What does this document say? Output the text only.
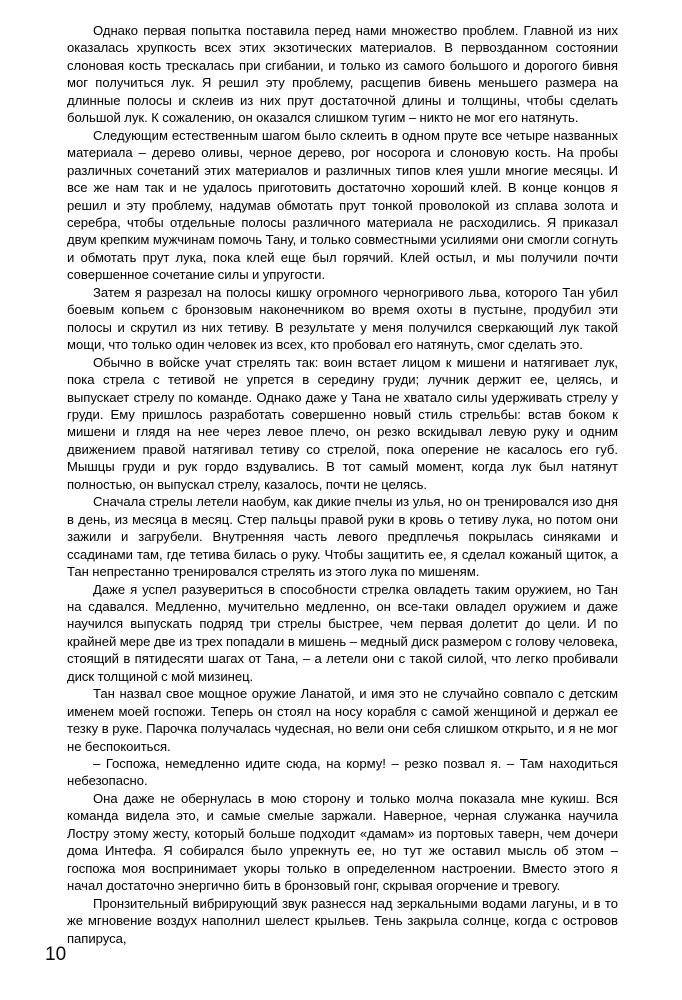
Однако первая попытка поставила перед нами множество проблем. Главной из них оказалась хрупкость всех этих экзотических материалов. В первозданном состоянии слоновая кость трескалась при сгибании, и только из самого большого и дорогого бивня мог получиться лук. Я решил эту проблему, расщепив бивень меньшего размера на длинные полосы и склеив из них прут достаточной длины и толщины, чтобы сделать большой лук. К сожалению, он оказался слишком тугим – никто не мог его натянуть.

Следующим естественным шагом было склеить в одном пруте все четыре названных материала – дерево оливы, черное дерево, рог носорога и слоновую кость. На пробы различных сочетаний этих материалов и различных типов клея ушли многие месяцы. И все же нам так и не удалось приготовить достаточно хороший клей. В конце концов я решил и эту проблему, надумав обмотать прут тонкой проволокой из сплава золота и серебра, чтобы отдельные полосы различного материала не расходились. Я приказал двум крепким мужчинам помочь Тану, и только совместными усилиями они смогли согнуть и обмотать прут лука, пока клей еще был горячий. Клей остыл, и мы получили почти совершенное сочетание силы и упругости.

Затем я разрезал на полосы кишку огромного черногривого льва, которого Тан убил боевым копьем с бронзовым наконечником во время охоты в пустыне, продубил эти полосы и скрутил из них тетиву. В результате у меня получился сверкающий лук такой мощи, что только один человек из всех, кто пробовал его натянуть, смог сделать это.

Обычно в войске учат стрелять так: воин встает лицом к мишени и натягивает лук, пока стрела с тетивой не упрется в середину груди; лучник держит ее, целясь, и выпускает стрелу по команде. Однако даже у Тана не хватало силы удерживать стрелу у груди. Ему пришлось разработать совершенно новый стиль стрельбы: встав боком к мишени и глядя на нее через левое плечо, он резко вскидывал левую руку и одним движением правой натягивал тетиву со стрелой, пока оперение не касалось его губ. Мышцы груди и рук гордо вздувались. В тот самый момент, когда лук был натянут полностью, он выпускал стрелу, казалось, почти не целясь.

Сначала стрелы летели наобум, как дикие пчелы из улья, но он тренировался изо дня в день, из месяца в месяц. Стер пальцы правой руки в кровь о тетиву лука, но потом они зажили и загрубели. Внутренняя часть левого предплечья покрылась синяками и ссадинами там, где тетива билась о руку. Чтобы защитить ее, я сделал кожаный щиток, а Тан непрестанно тренировался стрелять из этого лука по мишеням.

Даже я успел разувериться в способности стрелка овладеть таким оружием, но Тан на сдавался. Медленно, мучительно медленно, он все-таки овладел оружием и даже научился выпускать подряд три стрелы быстрее, чем первая долетит до цели. И по крайней мере две из трех попадали в мишень – медный диск размером с голову человека, стоящий в пятидесяти шагах от Тана, – а летели они с такой силой, что легко пробивали диск толщиной с мой мизинец.

Тан назвал свое мощное оружие Ланатой, и имя это не случайно совпало с детским именем моей госпожи. Теперь он стоял на носу корабля с самой женщиной и держал ее тезку в руке. Парочка получалась чудесная, но вели они себя слишком открыто, и я не мог не беспокоиться.

– Госпожа, немедленно идите сюда, на корму! – резко позвал я. – Там находиться небезопасно.

Она даже не обернулась в мою сторону и только молча показала мне кукиш. Вся команда видела это, и самые смелые заржали. Наверное, черная служанка научила Лостру этому жесту, который больше подходит «дамам» из портовых таверн, чем дочери дома Интефа. Я собирался было упрекнуть ее, но тут же оставил мысль об этом – госпожа моя воспринимает укоры только в определенном настроении. Вместо этого я начал достаточно энергично бить в бронзовый гонг, скрывая огорчение и тревогу.

Пронзительный вибрирующий звук разнесся над зеркальными водами лагуны, и в то же мгновение воздух наполнил шелест крыльев. Тень закрыла солнце, когда с островов папируса,

10
